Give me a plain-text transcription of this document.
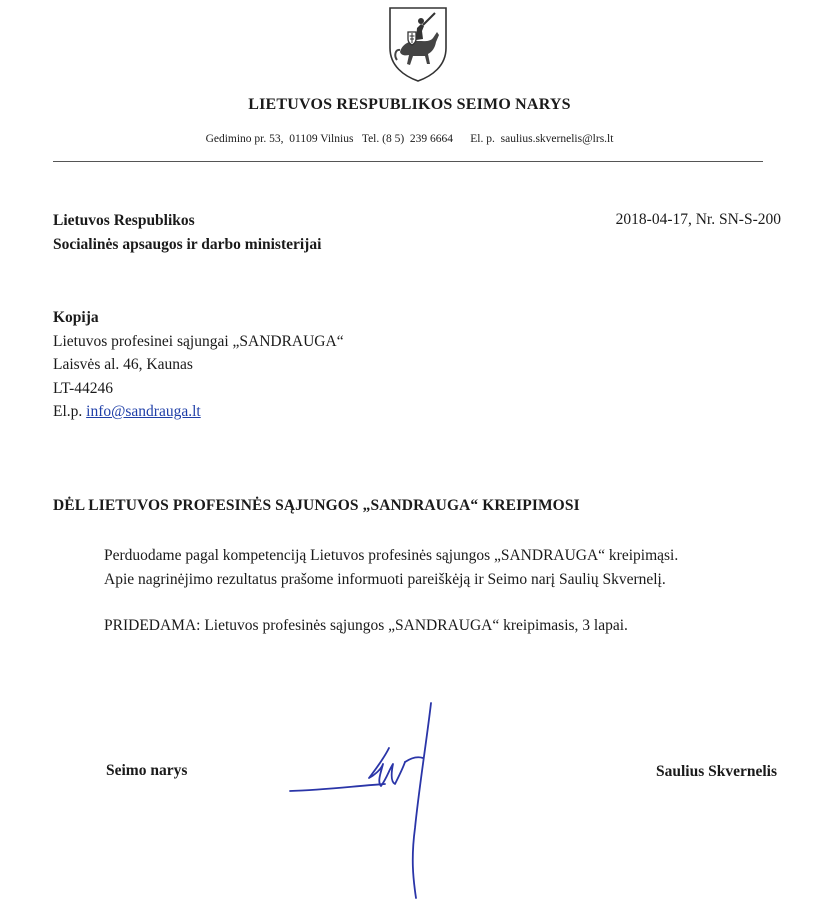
LIETUVOS RESPUBLIKOS SEIMO NARYS
Gedimino pr. 53,  01109 Vilnius Tel. (8 5)  239 6664 El. p.  saulius.skvernelis@lrs.lt
Lietuvos Respublikos
Socialinės apsaugos ir darbo ministerijai
2018-04-17, Nr. SN-S-200
Kopija
Lietuvos profesinei sąjungai „SANDRAUGA“
Laisvės al. 46, Kaunas
LT-44246
El.p. info@sandrauga.lt
DĖL LIETUVOS PROFESINĖS SĄJUNGOS „SANDRAUGA“ KREIPIMOSI
Perduodame pagal kompetenciją Lietuvos profesinės sąjungos „SANDRAUGA“ kreipimąsi.
Apie nagrinėjimo rezultatus prašome informuoti pareiškėją ir Seimo narį Saulių Skvernelį.
PRIDEDAMA: Lietuvos profesinės sąjungos „SANDRAUGA“ kreipimasis, 3 lapai.
Seimo narys	Saulius Skvernelis
